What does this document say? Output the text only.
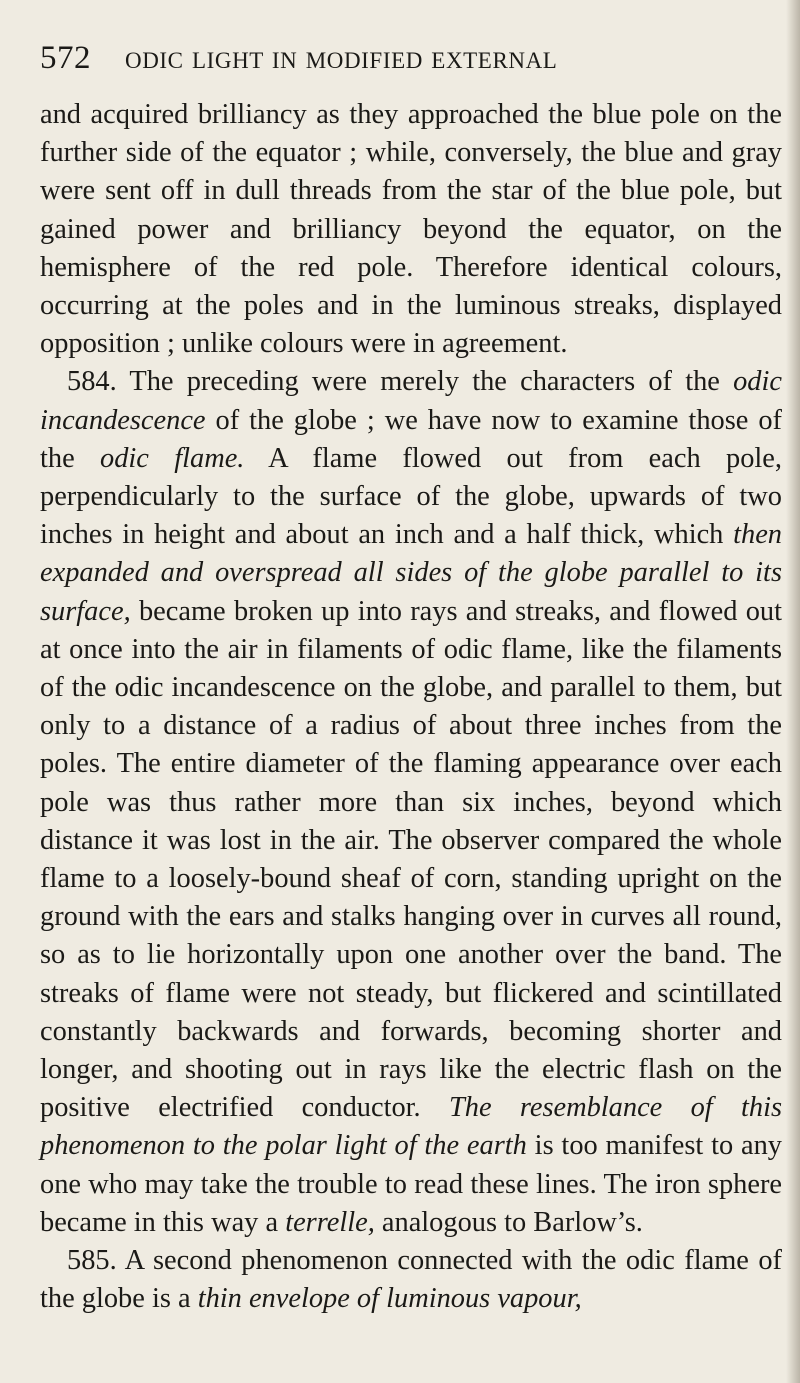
572 ODIC LIGHT IN MODIFIED EXTERNAL

and acquired brilliancy as they approached the blue pole on the further side of the equator ; while, conversely, the blue and gray were sent off in dull threads from the star of the blue pole, but gained power and brilliancy beyond the equator, on the hemisphere of the red pole. Therefore identical colours, occurring at the poles and in the luminous streaks, displayed opposition ; unlike colours were in agreement.

584. The preceding were merely the characters of the odic incandescence of the globe ; we have now to examine those of the odic flame. A flame flowed out from each pole, perpendicularly to the surface of the globe, upwards of two inches in height and about an inch and a half thick, which then expanded and overspread all sides of the globe parallel to its surface, became broken up into rays and streaks, and flowed out at once into the air in filaments of odic flame, like the filaments of the odic incandescence on the globe, and parallel to them, but only to a distance of a radius of about three inches from the poles. The entire diameter of the flaming appearance over each pole was thus rather more than six inches, beyond which distance it was lost in the air. The observer compared the whole flame to a loosely-bound sheaf of corn, standing upright on the ground with the ears and stalks hanging over in curves all round, so as to lie horizontally upon one another over the band. The streaks of flame were not steady, but flickered and scintillated constantly backwards and forwards, becoming shorter and longer, and shooting out in rays like the electric flash on the positive electrified conductor. The resemblance of this phenomenon to the polar light of the earth is too manifest to any one who may take the trouble to read these lines. The iron sphere became in this way a terrelle, analogous to Barlow’s.

585. A second phenomenon connected with the odic flame of the globe is a thin envelope of luminous vapour,
